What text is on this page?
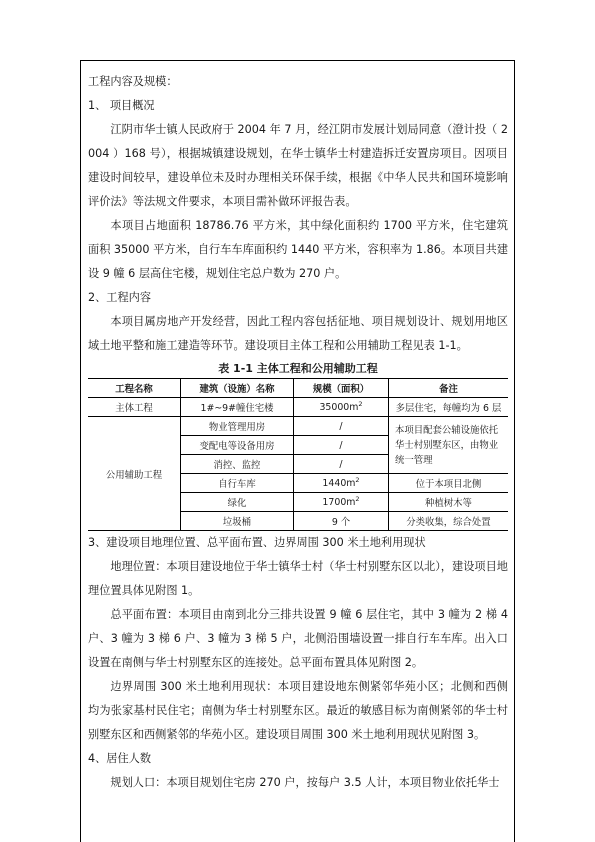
工程内容及规模：

1、 项目概况

江阴市华士镇人民政府于 2004 年 7 月，经江阴市发展计划局同意（澄计投（ 2004 ）168 号），根据城镇建设规划，在华士镇华士村建造拆迁安置房项目。因项目建设时间较早，建设单位未及时办理相关环保手续，根据《中华人民共和国环境影响评价法》等法规文件要求，本项目需补做环评报告表。

本项目占地面积 18786.76 平方米，其中绿化面积约 1700 平方米，住宅建筑面积 35000 平方米，自行车车库面积约 1440 平方米，容积率为 1.86。本项目共建设 9 幢 6 层高住宅楼，规划住宅总户数为 270 户。

2、工程内容

本项目属房地产开发经营，因此工程内容包括征地、项目规划设计、规划用地区域土地平整和施工建造等环节。建设项目主体工程和公用辅助工程见表 1-1。

表 1-1 主体工程和公用辅助工程
工程名称	建筑（设施）名称	规模（面积）	备注
主体工程	1#~9#幢住宅楼	$35000m^2$	多层住宅，每幢均为 6 层
公用辅助工程	物业管理用房	/	本项目配套公辅设施依托华士村别墅东区，由物业统一管理
	变配电等设备用房	/	
	消控、监控	/	
	自行车库	$1440m^2$	位于本项目北侧
	绿化	$1700m^2$	种植树木等
	垃圾桶	9 个	分类收集，综合处置

3、建设项目地理位置、总平面布置、边界周围 300 米土地利用现状

地理位置：本项目建设地位于华士镇华士村（华士村别墅东区以北），建设项目地理位置具体见附图 1。

总平面布置：本项目由南到北分三排共设置 9 幢 6 层住宅，其中 3 幢为 2 梯 4 户、3 幢为 3 梯 6 户、3 幢为 3 梯 5 户，北侧沿围墙设置一排自行车车库。出入口设置在南侧与华士村别墅东区的连接处。总平面布置具体见附图 2。

边界周围 300 米土地利用现状：本项目建设地东侧紧邻华苑小区；北侧和西侧均为张家基村民住宅；南侧为华士村别墅东区。最近的敏感目标为南侧紧邻的华士村别墅东区和西侧紧邻的华苑小区。建设项目周围 300 米土地利用现状见附图 3。

4、居住人数

规划人口：本项目规划住宅房 270 户，按每户 3.5 人计，本项目物业依托华士
